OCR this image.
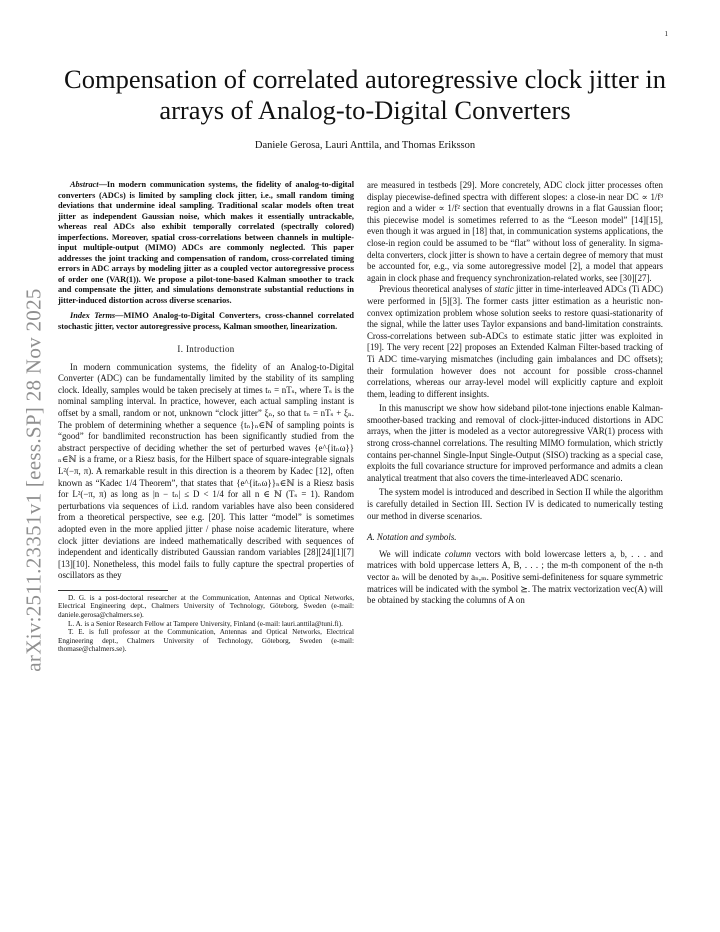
1
arXiv:2511.23351v1 [eess.SP] 28 Nov 2025
Compensation of correlated autoregressive clock jitter in arrays of Analog-to-Digital Converters
Daniele Gerosa, Lauri Anttila, and Thomas Eriksson

Abstract—In modern communication systems, the fidelity of analog-to-digital converters (ADCs) is limited by sampling clock jitter, i.e., small random timing deviations that undermine ideal sampling. Traditional scalar models often treat jitter as independent Gaussian noise, which makes it essentially untrackable, whereas real ADCs also exhibit temporally correlated (spectrally colored) imperfections. Moreover, spatial cross-correlations between channels in multiple-input multiple-output (MIMO) ADCs are commonly neglected. This paper addresses the joint tracking and compensation of random, cross-correlated timing errors in ADC arrays by modeling jitter as a coupled vector autoregressive process of order one (VAR(1)). We propose a pilot-tone-based Kalman smoother to track and compensate the jitter, and simulations demonstrate substantial reductions in jitter-induced distortion across diverse scenarios.

Index Terms—MIMO Analog-to-Digital Converters, cross-channel correlated stochastic jitter, vector autoregressive process, Kalman smoother, linearization.

I. Introduction

In modern communication systems, the fidelity of an Analog-to-Digital Converter (ADC) can be fundamentally limited by the stability of its sampling clock. Ideally, samples would be taken precisely at times tₙ = nTₛ, where Tₛ is the nominal sampling interval. In practice, however, each actual sampling instant is offset by a small, random or not, unknown “clock jitter” ξₙ, so that tₙ = nTₛ + ξₙ. The problem of determining whether a sequence {tₙ}ₙ∈ℕ of sampling points is “good” for bandlimited reconstruction has been significantly studied from the abstract perspective of deciding whether the set of perturbed waves {e^{itₙω}}ₙ∈ℕ is a frame, or a Riesz basis, for the Hilbert space of square-integrable signals L²(−π, π). A remarkable result in this direction is a theorem by Kadec [12], often known as “Kadec 1/4 Theorem”, that states that {e^{itₙω}}ₙ∈ℕ is a Riesz basis for L²(−π, π) as long as |n − tₙ| ≤ D < 1/4 for all n ∈ ℕ (Tₛ = 1). Random perturbations via sequences of i.i.d. random variables have also been considered from a theoretical perspective, see e.g. [20]. This latter “model” is sometimes adopted even in the more applied jitter / phase noise academic literature, where clock jitter deviations are indeed mathematically described with sequences of independent and identically distributed Gaussian random variables [28][24][1][7][13][10]. Nonetheless, this model fails to fully capture the spectral properties of oscillators as they

D. G. is a post-doctoral researcher at the Communication, Antennas and Optical Networks, Electrical Engineering dept., Chalmers University of Technology, Göteborg, Sweden (e-mail: daniele.gerosa@chalmers.se).

L. A. is a Senior Research Fellow at Tampere University, Finland (e-mail: lauri.anttila@tuni.fi).

T. E. is full professor at the Communication, Antennas and Optical Networks, Electrical Engineering dept., Chalmers University of Technology, Göteborg, Sweden (e-mail: thomase@chalmers.se).

are measured in testbeds [29]. More concretely, ADC clock jitter processes often display piecewise-defined spectra with different slopes: a close-in near DC ∝ 1/f³ region and a wider ∝ 1/f² section that eventually drowns in a flat Gaussian floor; this piecewise model is sometimes referred to as the “Leeson model” [14][15], even though it was argued in [18] that, in communication systems applications, the close-in region could be assumed to be “flat” without loss of generality. In sigma-delta converters, clock jitter is shown to have a certain degree of memory that must be accounted for, e.g., via some autoregressive model [2], a model that appears again in clock phase and frequency synchronization-related works, see [30][27].

Previous theoretical analyses of static jitter in time-interleaved ADCs (Ti ADC) were performed in [5][3]. The former casts jitter estimation as a heuristic non-convex optimization problem whose solution seeks to restore quasi-stationarity of the signal, while the latter uses Taylor expansions and band-limitation constraints. Cross-correlations between sub-ADCs to estimate static jitter was exploited in [19]. The very recent [22] proposes an Extended Kalman Filter-based tracking of Ti ADC time-varying mismatches (including gain imbalances and DC offsets); their formulation however does not account for possible cross-channel correlations, whereas our array-level model will explicitly capture and exploit them, leading to different insights.

In this manuscript we show how sideband pilot-tone injections enable Kalman-smoother-based tracking and removal of clock-jitter-induced distortions in ADC arrays, when the jitter is modeled as a vector autoregressive VAR(1) process with strong cross-channel correlations. The resulting MIMO formulation, which strictly contains per-channel Single-Input Single-Output (SISO) tracking as a special case, exploits the full covariance structure for improved performance and admits a clean analytical treatment that also covers the time-interleaved ADC scenario.

The system model is introduced and described in Section II while the algorithm is carefully detailed in Section III. Section IV is dedicated to numerically testing our method in diverse scenarios.

A. Notation and symbols.

We will indicate column vectors with bold lowercase letters a, b, . . . and matrices with bold uppercase letters A, B, . . . ; the m-th component of the n-th vector aₙ will be denoted by aₙ,ₘ. Positive semi-definiteness for square symmetric matrices will be indicated with the symbol ⪰. The matrix vectorization vec(A) will be obtained by stacking the columns of A on
